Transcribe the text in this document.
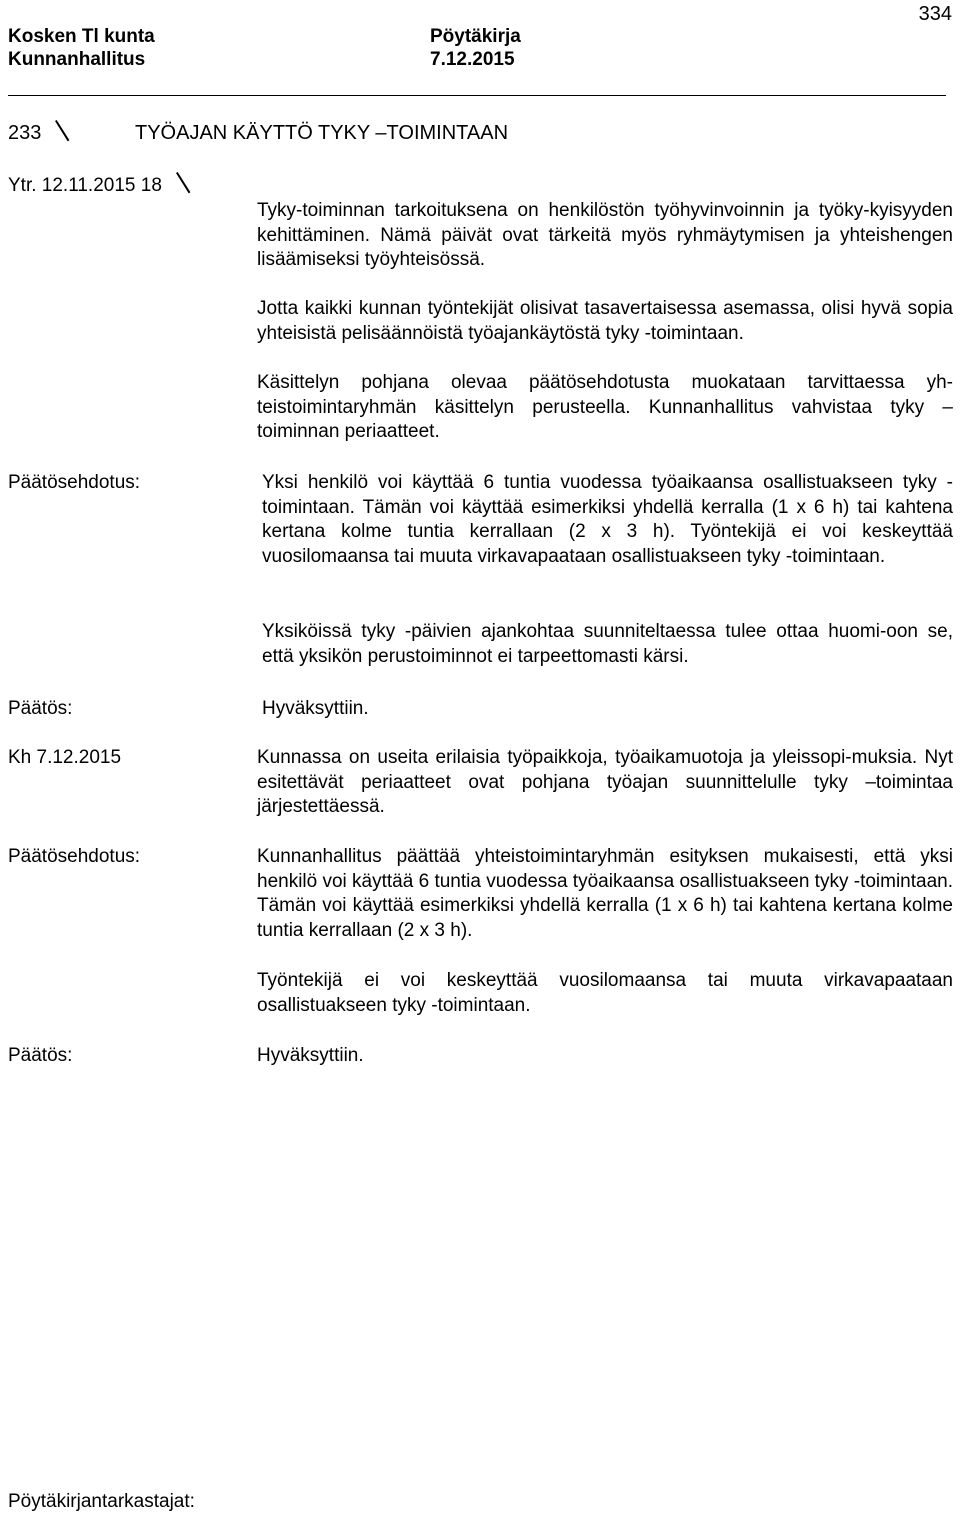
334
Kosken Tl kunta
Kunnanhallitus
Pöytäkirja
7.12.2015
233	TYÖAJAN KÄYTTÖ TYKY –TOIMINTAAN
Ytr. 12.11.2015 18

Tyky-toiminnan tarkoituksena on henkilöstön työhyvinvoinnin ja työky-kyisyyden kehittäminen. Nämä päivät ovat tärkeitä myös ryhmäytymisen ja yhteishengen lisäämiseksi työyhteisössä.

Jotta kaikki kunnan työntekijät olisivat tasavertaisessa asemassa, olisi hyvä sopia yhteisistä pelisäännöistä työajankäytöstä tyky -toimintaan.

Käsittelyn pohjana olevaa päätösehdotusta muokataan tarvittaessa yh-teistoimintaryhmän käsittelyn perusteella. Kunnanhallitus vahvistaa tyky – toiminnan periaatteet.

Päätösehdotus:	Yksi henkilö voi käyttää 6 tuntia vuodessa työaikaansa osallistuakseen tyky -toimintaan. Tämän voi käyttää esimerkiksi yhdellä kerralla (1 x 6 h) tai kahtena kertana kolme tuntia kerrallaan (2 x 3 h). Työntekijä ei voi keskeyttää vuosilomaansa tai muuta virkavapaataan osallistuakseen tyky -toimintaan.

Yksiköissä tyky -päivien ajankohtaa suunniteltaessa tulee ottaa huomi-oon se, että yksikön perustoiminnot ei tarpeettomasti kärsi.

Päätös:	Hyväksyttiin.
Kh 7.12.2015	Kunnassa on useita erilaisia työpaikkoja, työaikamuotoja ja yleissopi-muksia. Nyt esitettävät periaatteet ovat pohjana työajan suunnittelulle tyky –toimintaa järjestettäessä.

Päätösehdotus:	Kunnanhallitus päättää yhteistoimintaryhmän esityksen mukaisesti, että yksi henkilö voi käyttää 6 tuntia vuodessa työaikaansa osallistuakseen tyky -toimintaan. Tämän voi käyttää esimerkiksi yhdellä kerralla (1 x 6 h) tai kahtena kertana kolme tuntia kerrallaan (2 x 3 h).

Työntekijä ei voi keskeyttää vuosilomaansa tai muuta virkavapaataan osallistuakseen tyky -toimintaan.

Päätös:	Hyväksyttiin.
Pöytäkirjantarkastajat:
